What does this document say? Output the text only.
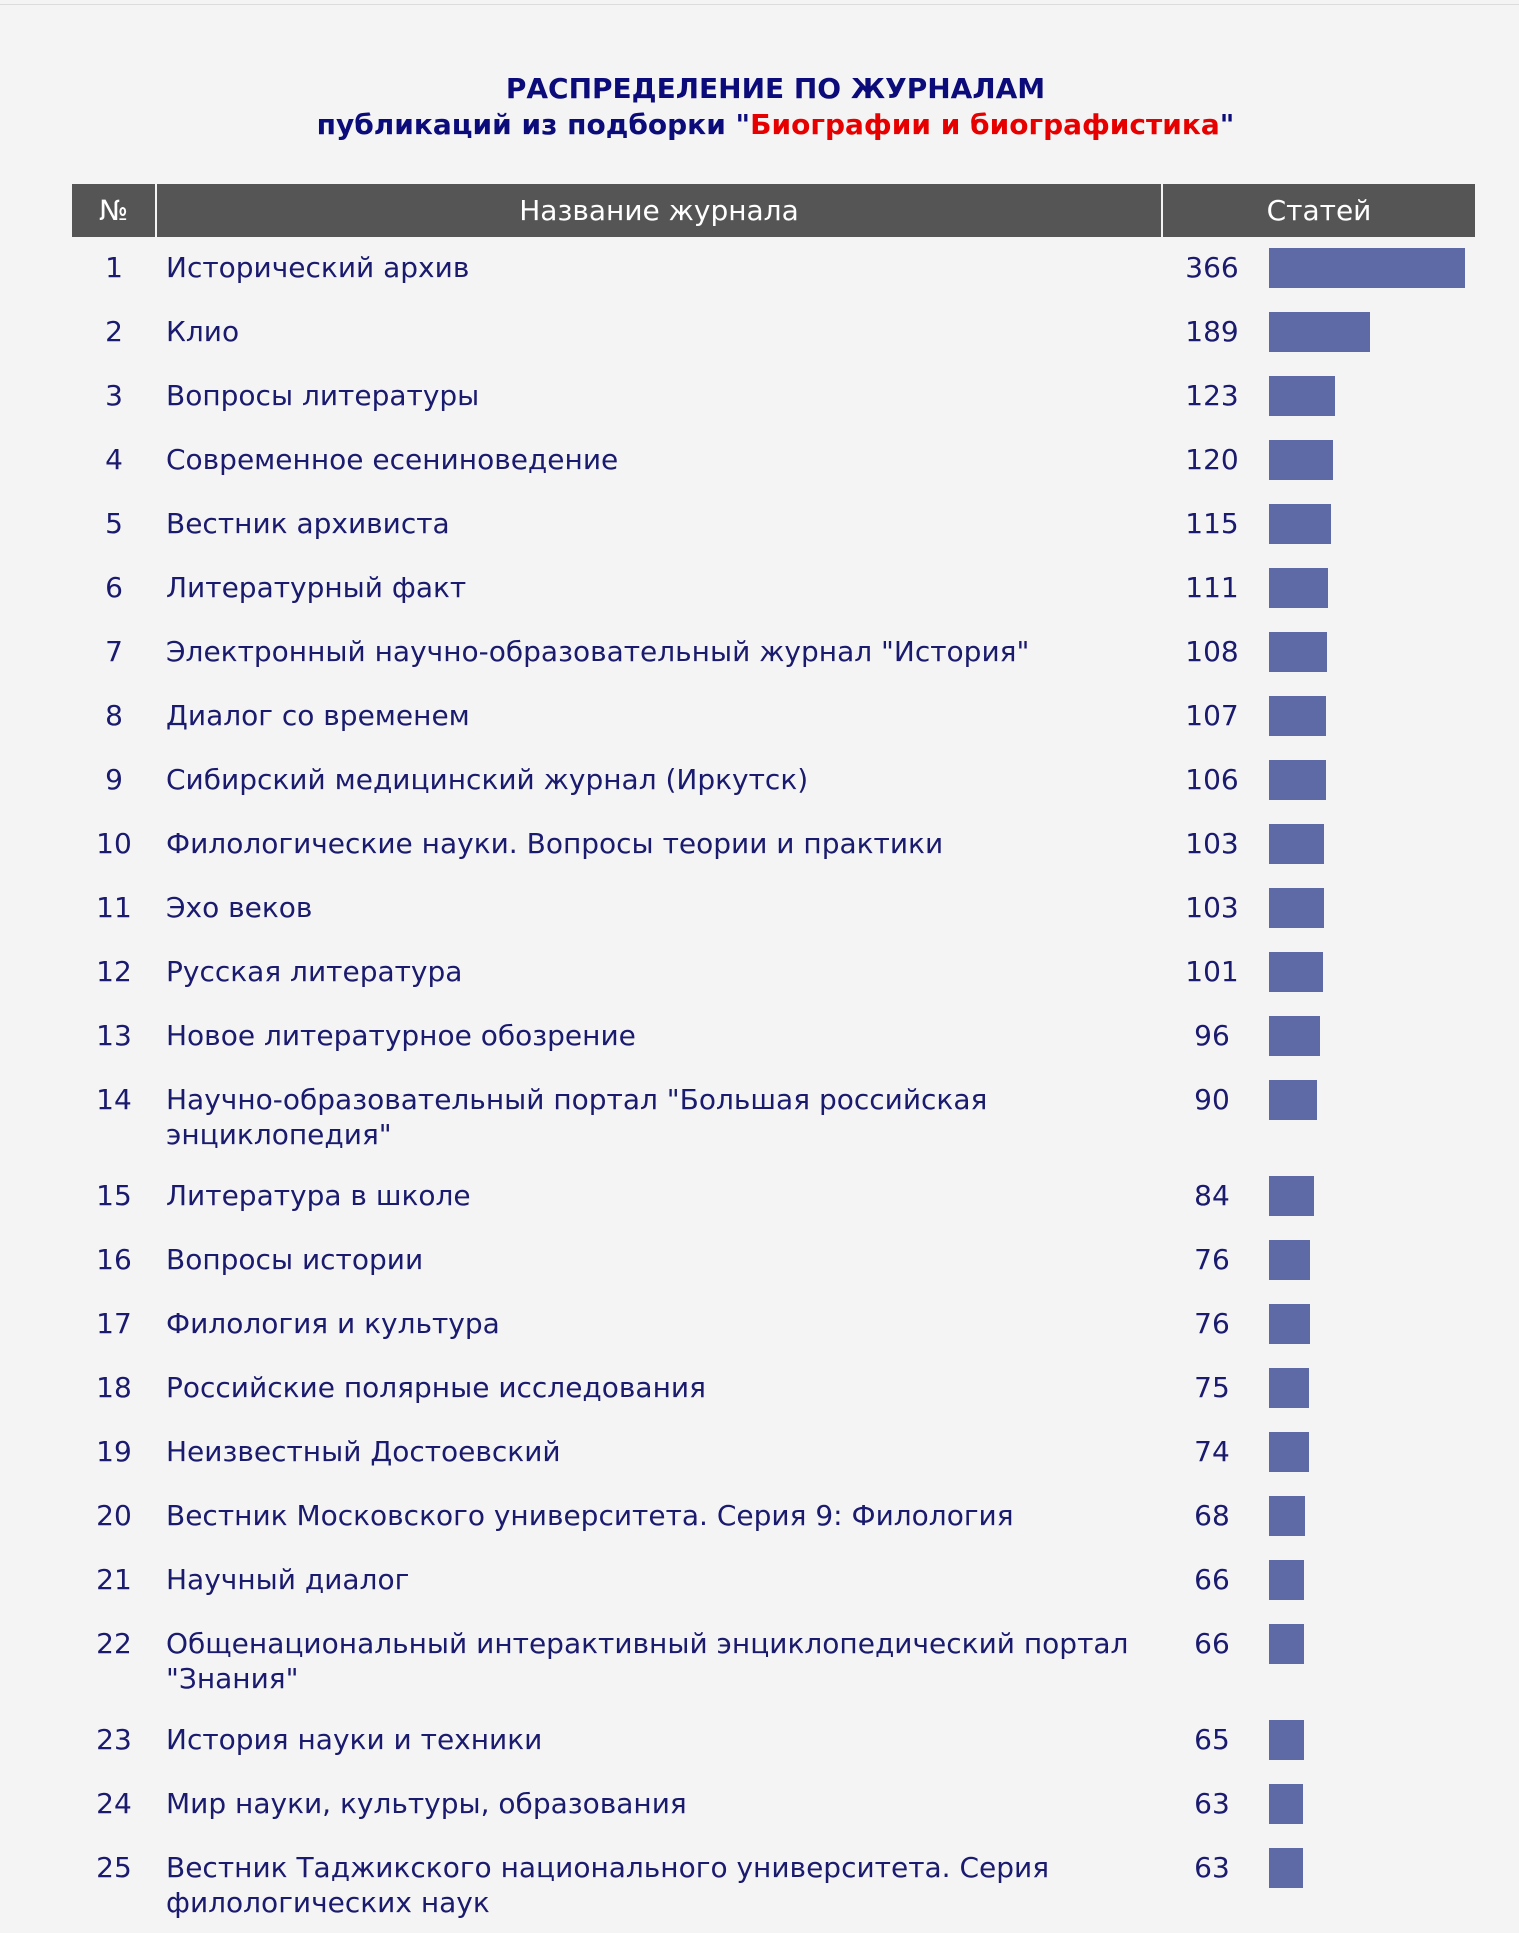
РАСПРЕДЕЛЕНИЕ ПО ЖУРНАЛАМ
публикаций из подборки "Биографии и биографистика"
№	Название журнала	Статей	
1	Исторический архив	366	

2	Клио	189	

3	Вопросы литературы	123	

4	Современное есениноведение	120	

5	Вестник архивиста	115	

6	Литературный факт	111	

7	Электронный научно-образовательный журнал "История"	108	

8	Диалог со временем	107	

9	Сибирский медицинский журнал (Иркутск)	106	

10	Филологические науки. Вопросы теории и практики	103	

11	Эхо веков	103	

12	Русская литература	101	

13	Новое литературное обозрение	96	

14	Научно-образовательный портал "Большая российская энциклопедия"	90	

15	Литература в школе	84	

16	Вопросы истории	76	

17	Филология и культура	76	

18	Российские полярные исследования	75	

19	Неизвестный Достоевский	74	

20	Вестник Московского университета. Серия 9: Филология	68	

21	Научный диалог	66	

22	Общенациональный интерактивный энциклопедический портал "Знания"	66	

23	История науки и техники	65	

24	Мир науки, культуры, образования	63	

25	Вестник Таджикского национального университета. Серия филологических наук	63	
